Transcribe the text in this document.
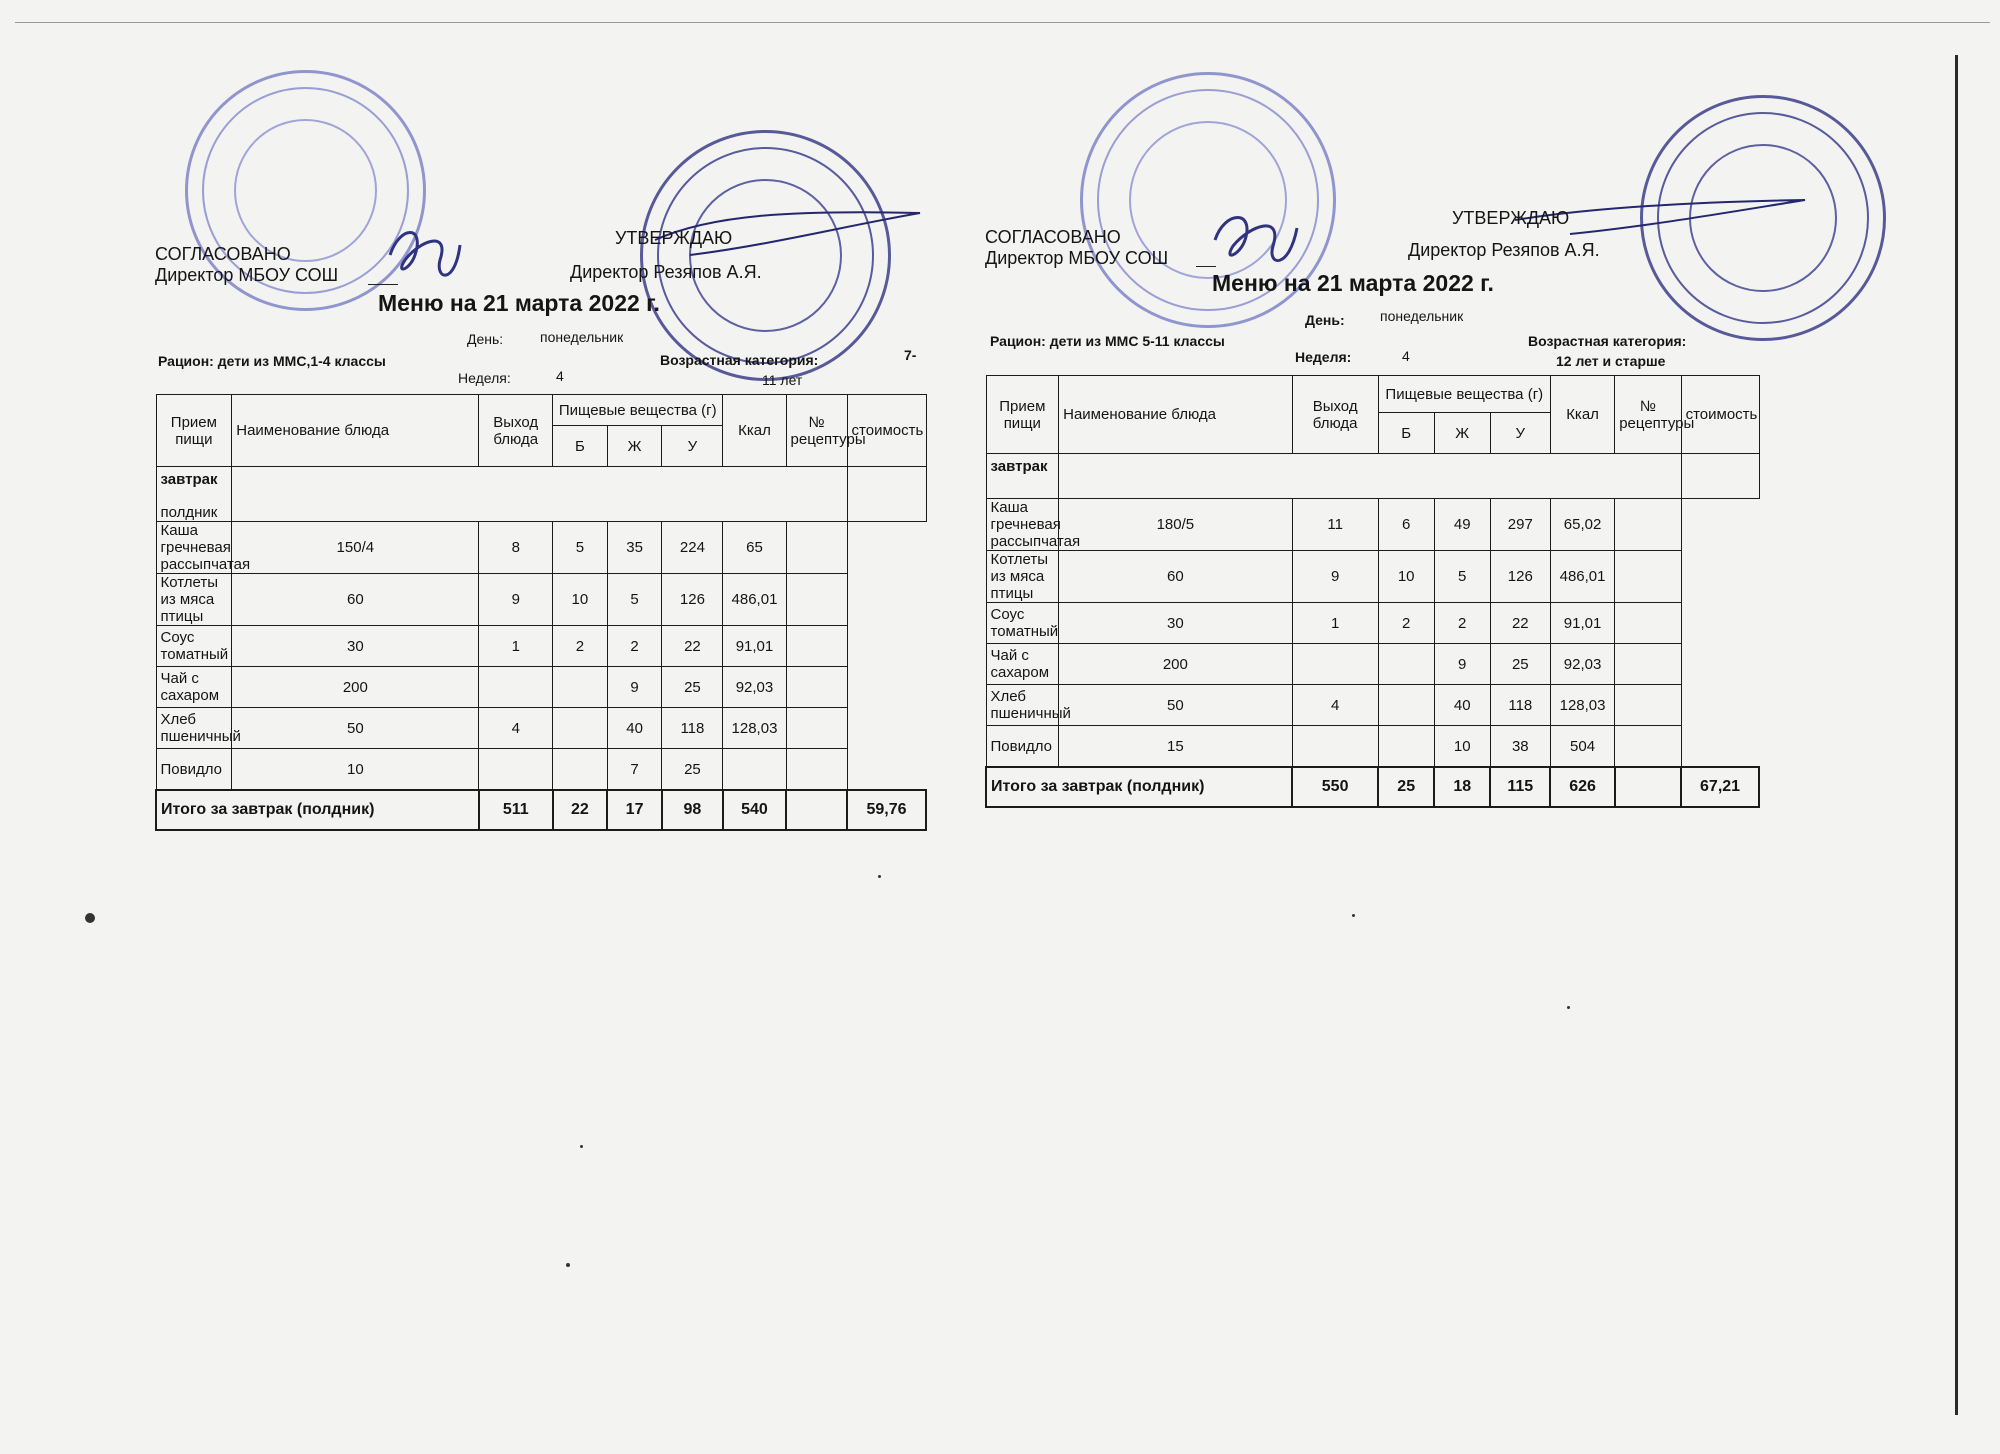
СОГЛАСОВАНО
Директор МБОУ СОШ
УТВЕРЖДАЮ
Директор Резяпов А.Я.
Меню на 21 марта 2022 г.
День:	понедельник
Рацион: дети из ММС,1-4 классы
Неделя:	4
Возрастная категория:	7-
11 лет
Прием пищи	Наименование блюда	Выход блюда	Пищевые вещества (г)			Ккал	№ рецептуры	стоимость
			Б	Ж	У			

завтрак
полдник								

Каша гречневая рассыпчатая	150/4	8	5	35	224	65		
Котлеты из мяса птицы	60	9	10	5	126	486,01		
Соус томатный	30	1	2	2	22	91,01		
Чай с сахаром	200			9	25	92,03		
Хлеб пшеничный	50	4		40	118	128,03		
Повидло	10			7	25			
Итого за завтрак (полдник)		511	22	17	98	540		59,76
СОГЛАСОВАНО
Директор МБОУ СОШ
УТВЕРЖДАЮ
Директор Резяпов А.Я.
Меню на 21 марта 2022 г.
День:	понедельник
Рацион: дети из ММС 5-11 классы
Неделя:	4
Возрастная категория:
12 лет и старше
Прием пищи	Наименование блюда	Выход блюда	Пищевые вещества (г)			Ккал	№ рецептуры	стоимость
			Б	Ж	У			

завтрак								

Каша гречневая рассыпчатая	180/5	11	6	49	297	65,02		
Котлеты из мяса птицы	60	9	10	5	126	486,01		
Соус томатный	30	1	2	2	22	91,01		
Чай с сахаром	200			9	25	92,03		
Хлеб пшеничный	50	4		40	118	128,03		
Повидло	15			10	38	504		
Итого за завтрак (полдник)		550	25	18	115	626		67,21
